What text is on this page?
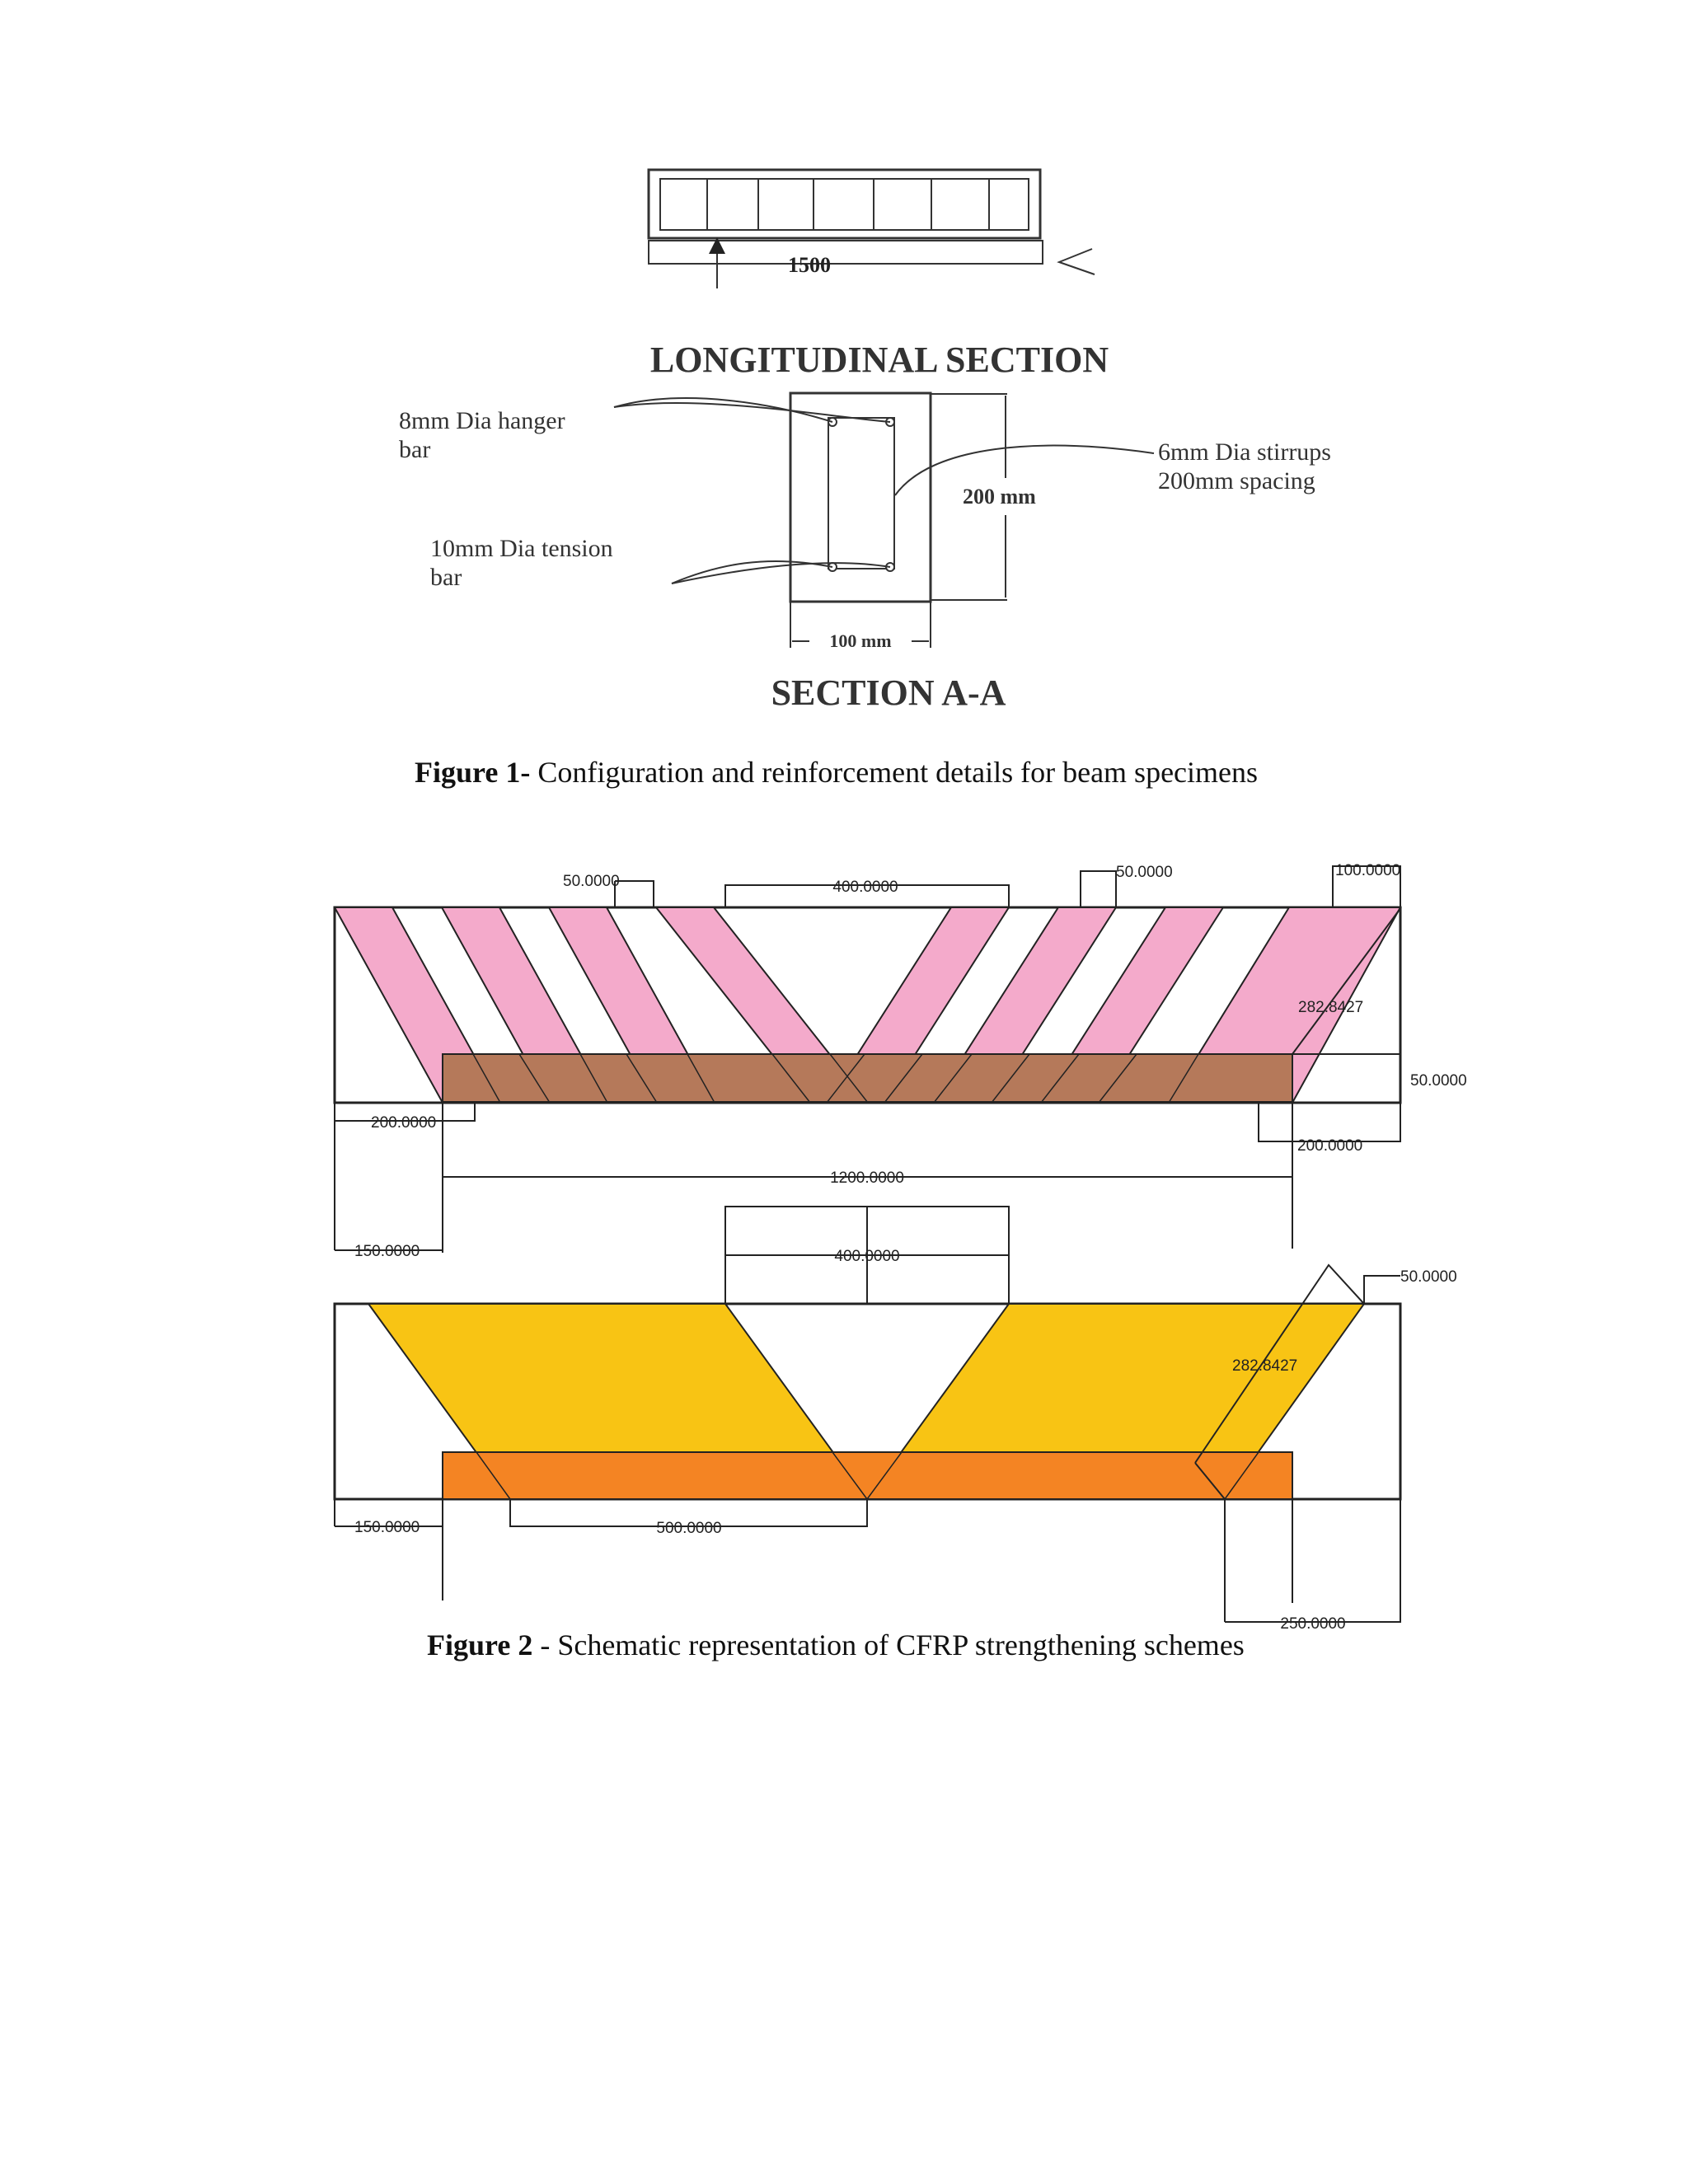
1500
LONGITUDINAL SECTION
8mm Dia hanger bar
10mm Dia tension bar
6mm Dia stirrups 200mm spacing
200 mm
100 mm
SECTION A-A
50.0000	400.0000
50.0000	100.0000
282.8427
50.0000
200.0000
200.0000
1200.0000
150.0000	400.0000
50.0000
282.8427
150.0000	500.0000
250.0000
Figure 1- Configuration and reinforcement details for beam specimens
Figure 2 - Schematic representation of CFRP strengthening schemes
